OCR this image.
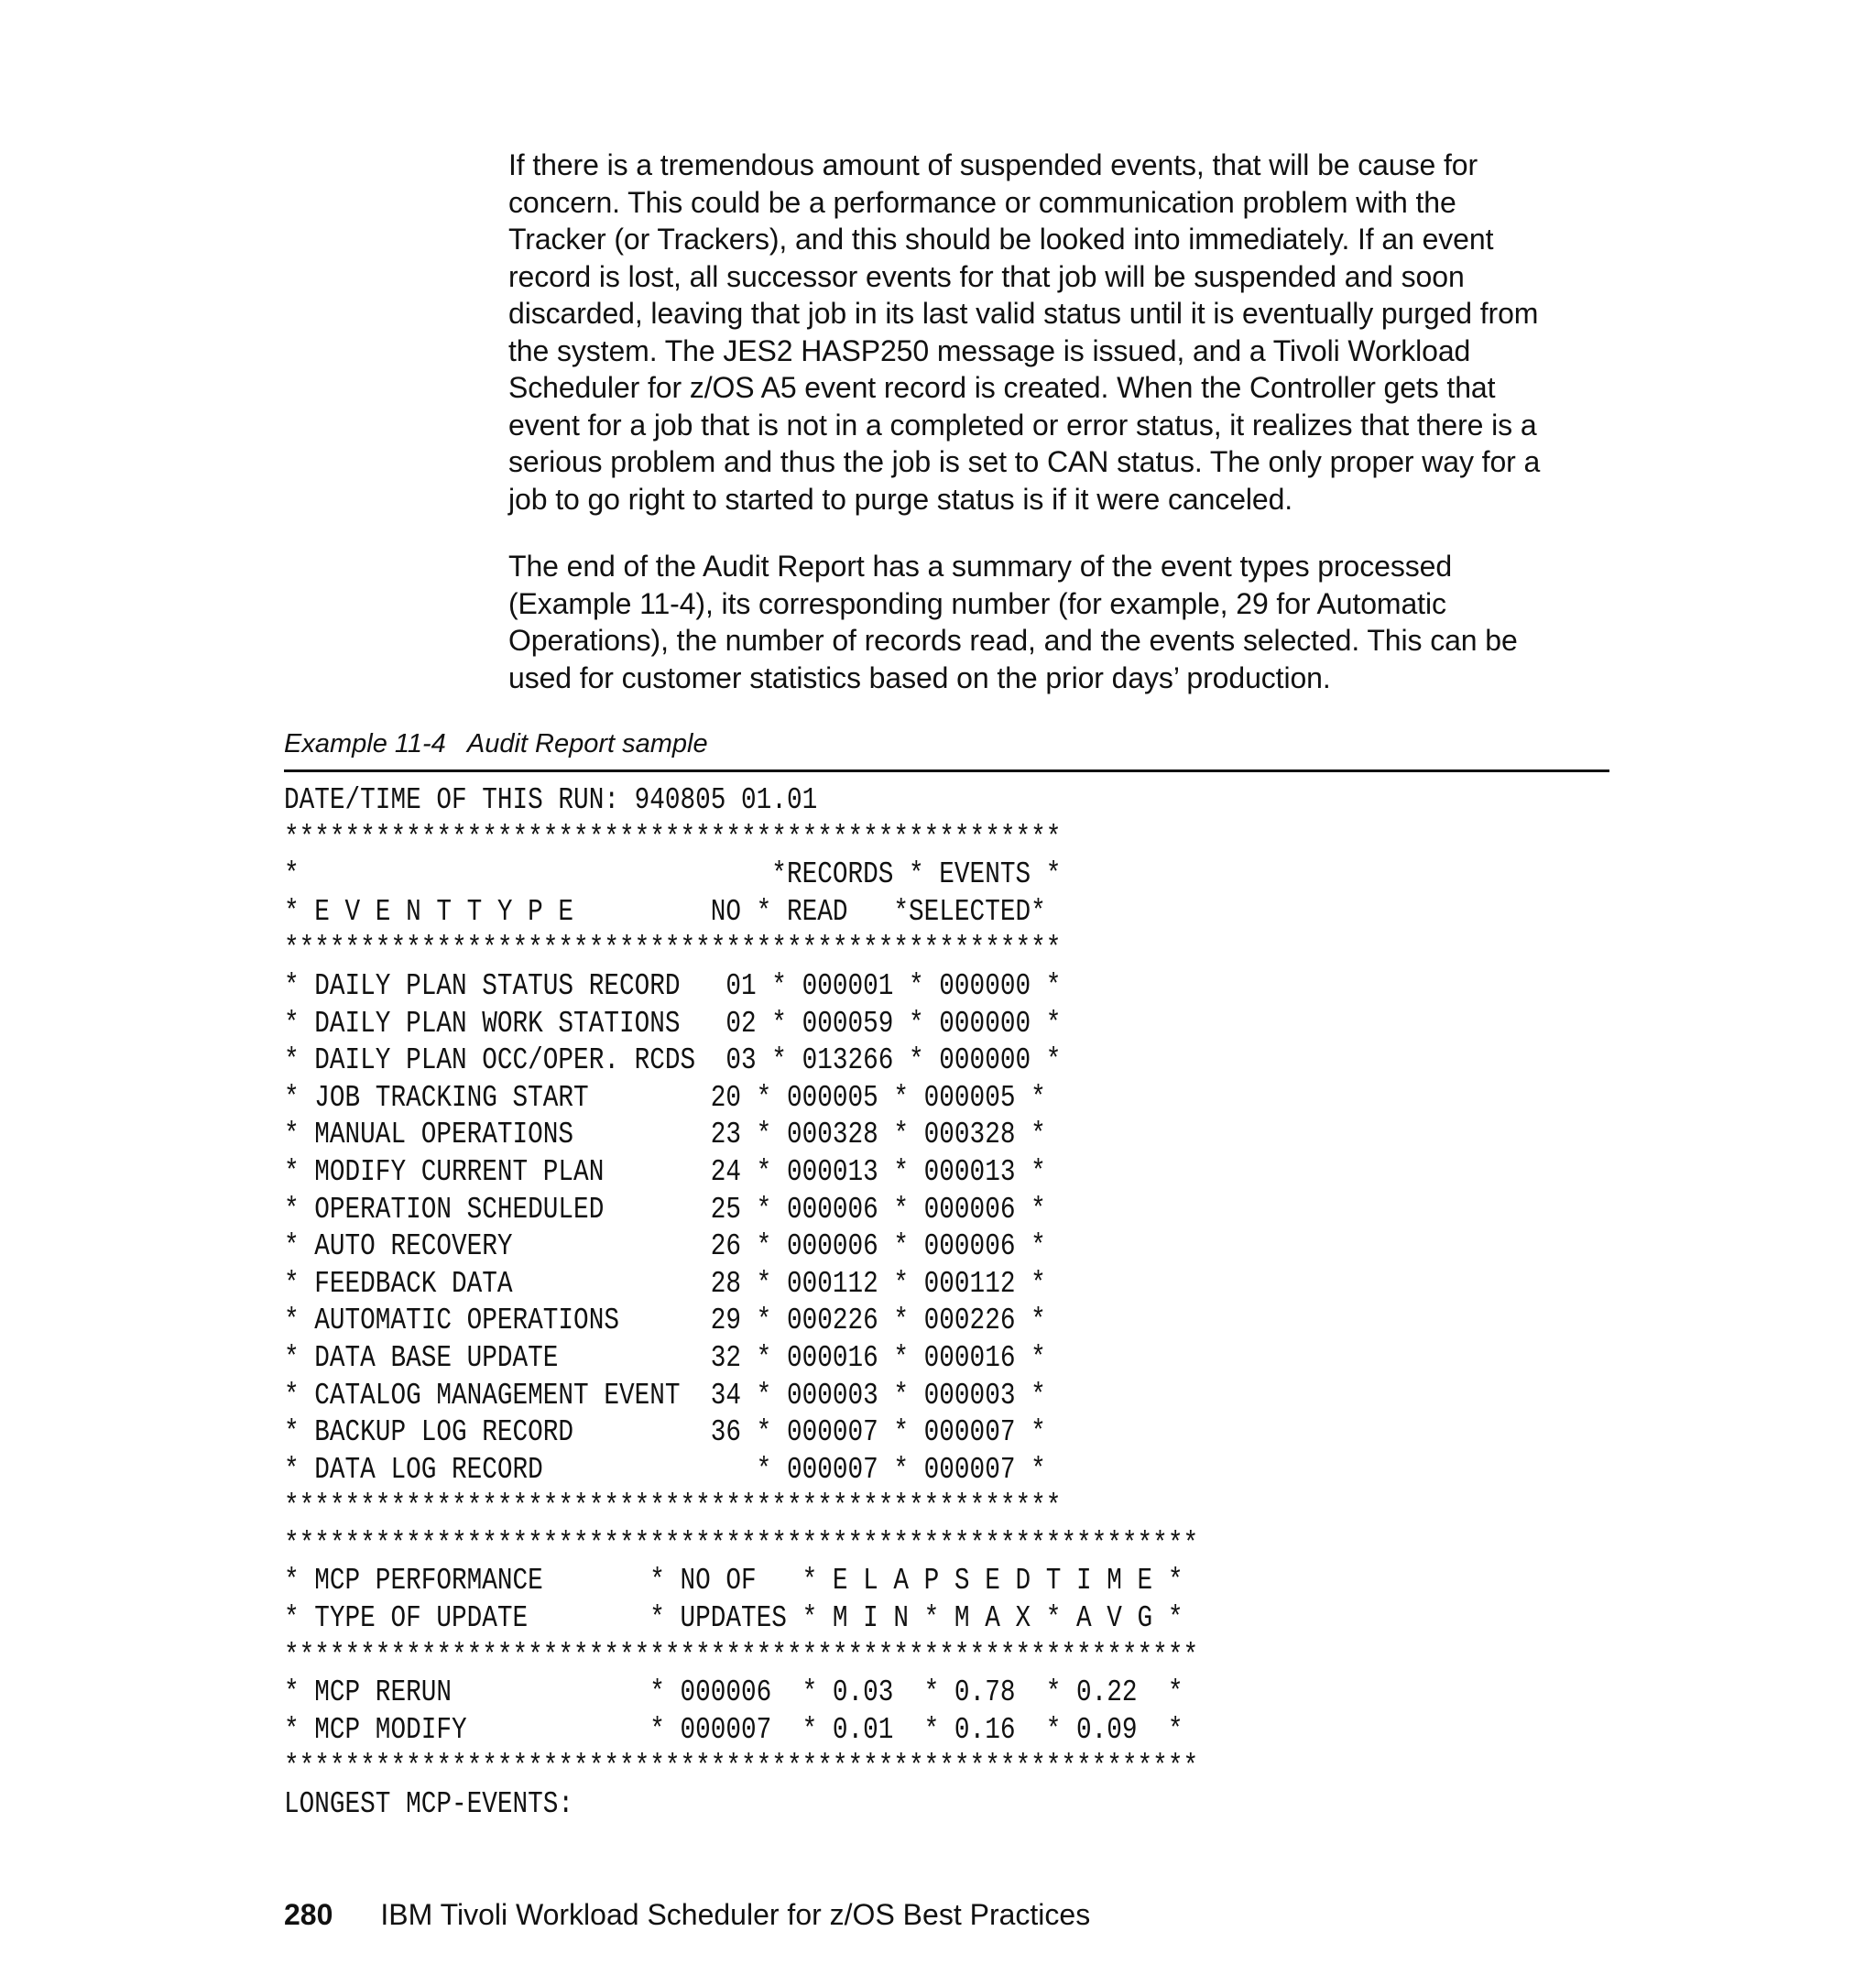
If there is a tremendous amount of suspended events, that will be cause for
concern. This could be a performance or communication problem with the
Tracker (or Trackers), and this should be looked into immediately. If an event
record is lost, all successor events for that job will be suspended and soon
discarded, leaving that job in its last valid status until it is eventually purged from
the system. The JES2 HASP250 message is issued, and a Tivoli Workload
Scheduler for z/OS A5 event record is created. When the Controller gets that
event for a job that is not in a completed or error status, it realizes that there is a
serious problem and thus the job is set to CAN status. The only proper way for a
job to go right to started to purge status is if it were canceled.

The end of the Audit Report has a summary of the event types processed
(Example 11-4), its corresponding number (for example, 29 for Automatic
Operations), the number of records read, and the events selected. This can be
used for customer statistics based on the prior days’ production.

Example 11-4   Audit Report sample

DATE/TIME OF THIS RUN: 940805 01.01
***************************************************
*                               *RECORDS * EVENTS *
* E V E N T T Y P E         NO * READ   *SELECTED*
***************************************************
* DAILY PLAN STATUS RECORD   01 * 000001 * 000000 *
* DAILY PLAN WORK STATIONS   02 * 000059 * 000000 *
* DAILY PLAN OCC/OPER. RCDS  03 * 013266 * 000000 *
* JOB TRACKING START        20 * 000005 * 000005 *
* MANUAL OPERATIONS         23 * 000328 * 000328 *
* MODIFY CURRENT PLAN       24 * 000013 * 000013 *
* OPERATION SCHEDULED       25 * 000006 * 000006 *
* AUTO RECOVERY             26 * 000006 * 000006 *
* FEEDBACK DATA             28 * 000112 * 000112 *
* AUTOMATIC OPERATIONS      29 * 000226 * 000226 *
* DATA BASE UPDATE          32 * 000016 * 000016 *
* CATALOG MANAGEMENT EVENT  34 * 000003 * 000003 *
* BACKUP LOG RECORD         36 * 000007 * 000007 *
* DATA LOG RECORD              * 000007 * 000007 *
***************************************************
************************************************************
* MCP PERFORMANCE       * NO OF   * E L A P S E D T I M E *
* TYPE OF UPDATE        * UPDATES * M I N * M A X * A V G *
************************************************************
* MCP RERUN             * 000006  * 0.03  * 0.78  * 0.22  *
* MCP MODIFY            * 000007  * 0.01  * 0.16  * 0.09  *
************************************************************
LONGEST MCP-EVENTS:

280 IBM Tivoli Workload Scheduler for z/OS Best Practices
